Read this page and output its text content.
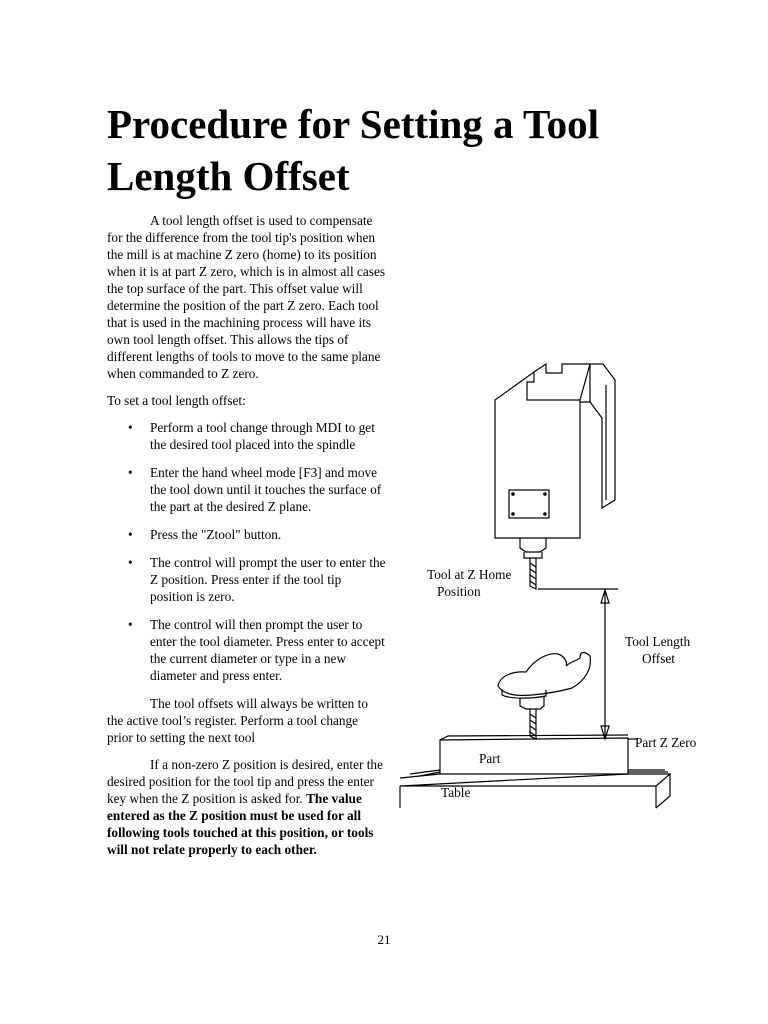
Procedure for Setting a Tool Length Offset

A tool length offset is used to compensate for the difference from the tool tip's position when the mill is at machine Z zero (home) to its position when it is at part Z zero, which is in almost all cases the top surface of the part. This offset value will determine the position of the part Z zero. Each tool that is used in the machining process will have its own tool length offset. This allows the tips of different lengths of tools to move to the same plane when commanded to Z zero.

To set a tool length offset:

• Perform a tool change through MDI to get the desired tool placed into the spindle
• Enter the hand wheel mode [F3] and move the tool down until it touches the surface of the part at the desired Z plane.
• Press the "Ztool" button.
• The control will prompt the user to enter the Z position. Press enter if the tool tip position is zero.
• The control will then prompt the user to enter the tool diameter. Press enter to accept the current diameter or type in a new diameter and press enter.

The tool offsets will always be written to the active tool’s register. Perform a tool change prior to setting the next tool

If a non-zero Z position is desired, enter the desired position for the tool tip and press the enter key when the Z position is asked for. The value entered as the Z position must be used for all following tools touched at this position, or tools will not relate properly to each other.

Tool at Z Home
Position
Tool Length
Offset
Part Z Zero
Part
Table
21
